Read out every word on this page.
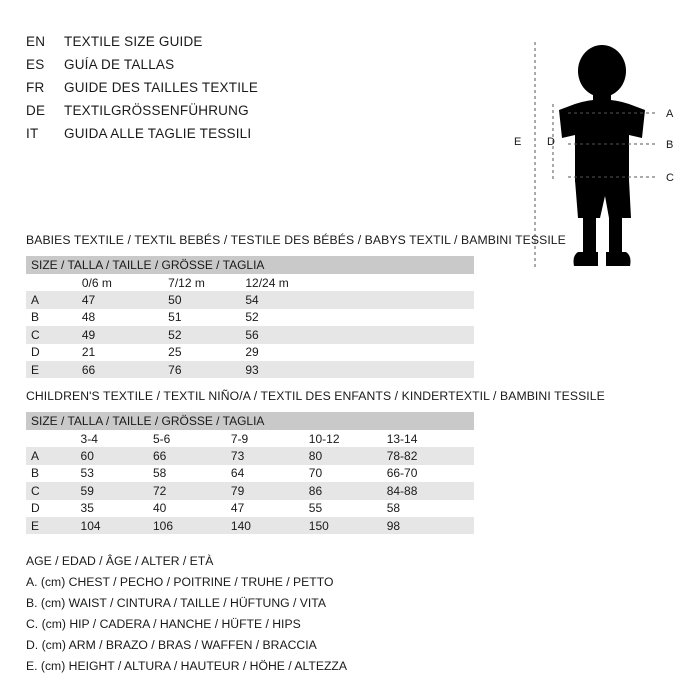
EN	TEXTILE SIZE GUIDE
ES	GUÍA DE TALLAS
FR	GUIDE DES TAILLES TEXTILE
DE	TEXTILGRÖSSENFÜHRUNG
IT	GUIDA ALLE TAGLIE TESSILI
A
B
C
D
E
BABIES TEXTILE / TEXTIL BEBÉS / TESTILE DES BÉBÉS / BABYS TEXTIL / BAMBINI TESSILE
SIZE / TALLA / TAILLE / GRÖSSE / TAGLIA			
	0/6 m	7/12 m	12/24 m
A	47	50	54
B	48	51	52
C	49	52	56
D	21	25	29
E	66	76	93
CHILDREN'S TEXTILE / TEXTIL NIÑO/A / TEXTIL DES ENFANTS / KINDERTEXTIL / BAMBINI TESSILE
SIZE / TALLA / TAILLE / GRÖSSE / TAGLIA					
	3-4	5-6	7-9	10-12	13-14
A	60	66	73	80	78-82
B	53	58	64	70	66-70
C	59	72	79	86	84-88
D	35	40	47	55	58
E	104	106	140	150	98
AGE / EDAD / ÂGE / ALTER / ETÀ
A. (cm) CHEST / PECHO / POITRINE / TRUHE / PETTO
B. (cm) WAIST / CINTURA / TAILLE / HÜFTUNG / VITA
C. (cm) HIP / CADERA / HANCHE / HÜFTE / HIPS
D. (cm) ARM / BRAZO / BRAS / WAFFEN / BRACCIA
E. (cm) HEIGHT / ALTURA / HAUTEUR / HÖHE / ALTEZZA
